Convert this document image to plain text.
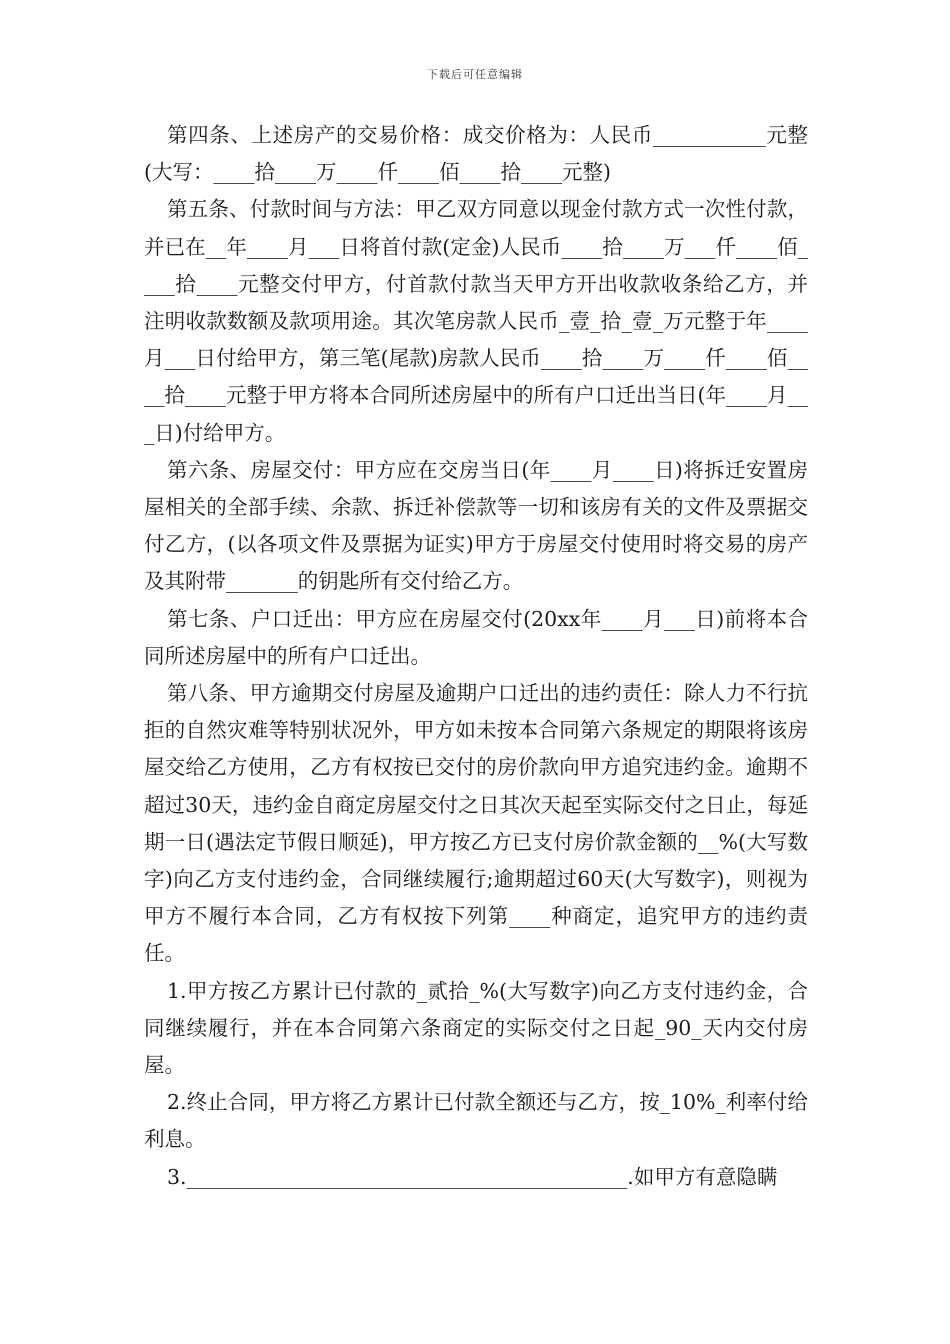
下载后可任意编辑

第四条、上述房产的交易价格：成交价格为：人民币___________元整(大写：____拾____万____仟____佰____拾____元整)

第五条、付款时间与方法：甲乙双方同意以现金付款方式一次性付款，并已在__年____月___日将首付款(定金)人民币____拾____万___仟____佰____拾____元整交付甲方，付首款付款当天甲方开出收款收条给乙方，并注明收款数额及款项用途。其次笔房款人民币_壹_拾_壹_万元整于年____月___日付给甲方，第三笔(尾款)房款人民币____拾____万____仟____佰____拾____元整于甲方将本合同所述房屋中的所有户口迁出当日(年____月___日)付给甲方。

第六条、房屋交付：甲方应在交房当日(年____月____日)将拆迁安置房屋相关的全部手续、余款、拆迁补偿款等一切和该房有关的文件及票据交付乙方，(以各项文件及票据为证实)甲方于房屋交付使用时将交易的房产及其附带_______的钥匙所有交付给乙方。

第七条、户口迁出：甲方应在房屋交付(20xx年____月___日)前将本合同所述房屋中的所有户口迁出。

第八条、甲方逾期交付房屋及逾期户口迁出的违约责任：除人力不行抗拒的自然灾难等特别状况外，甲方如未按本合同第六条规定的期限将该房屋交给乙方使用，乙方有权按已交付的房价款向甲方追究违约金。逾期不超过30天，违约金自商定房屋交付之日其次天起至实际交付之日止，每延期一日(遇法定节假日顺延)，甲方按乙方已支付房价款金额的__%(大写数字)向乙方支付违约金，合同继续履行;逾期超过60天(大写数字)，则视为甲方不履行本合同，乙方有权按下列第____种商定，追究甲方的违约责任。

1.甲方按乙方累计已付款的_贰拾_%(大写数字)向乙方支付违约金，合同继续履行，并在本合同第六条商定的实际交付之日起_90_天内交付房屋。

2.终止合同，甲方将乙方累计已付款全额还与乙方，按_10%_利率付给利息。

3.___________________________________________.如甲方有意隐瞒
